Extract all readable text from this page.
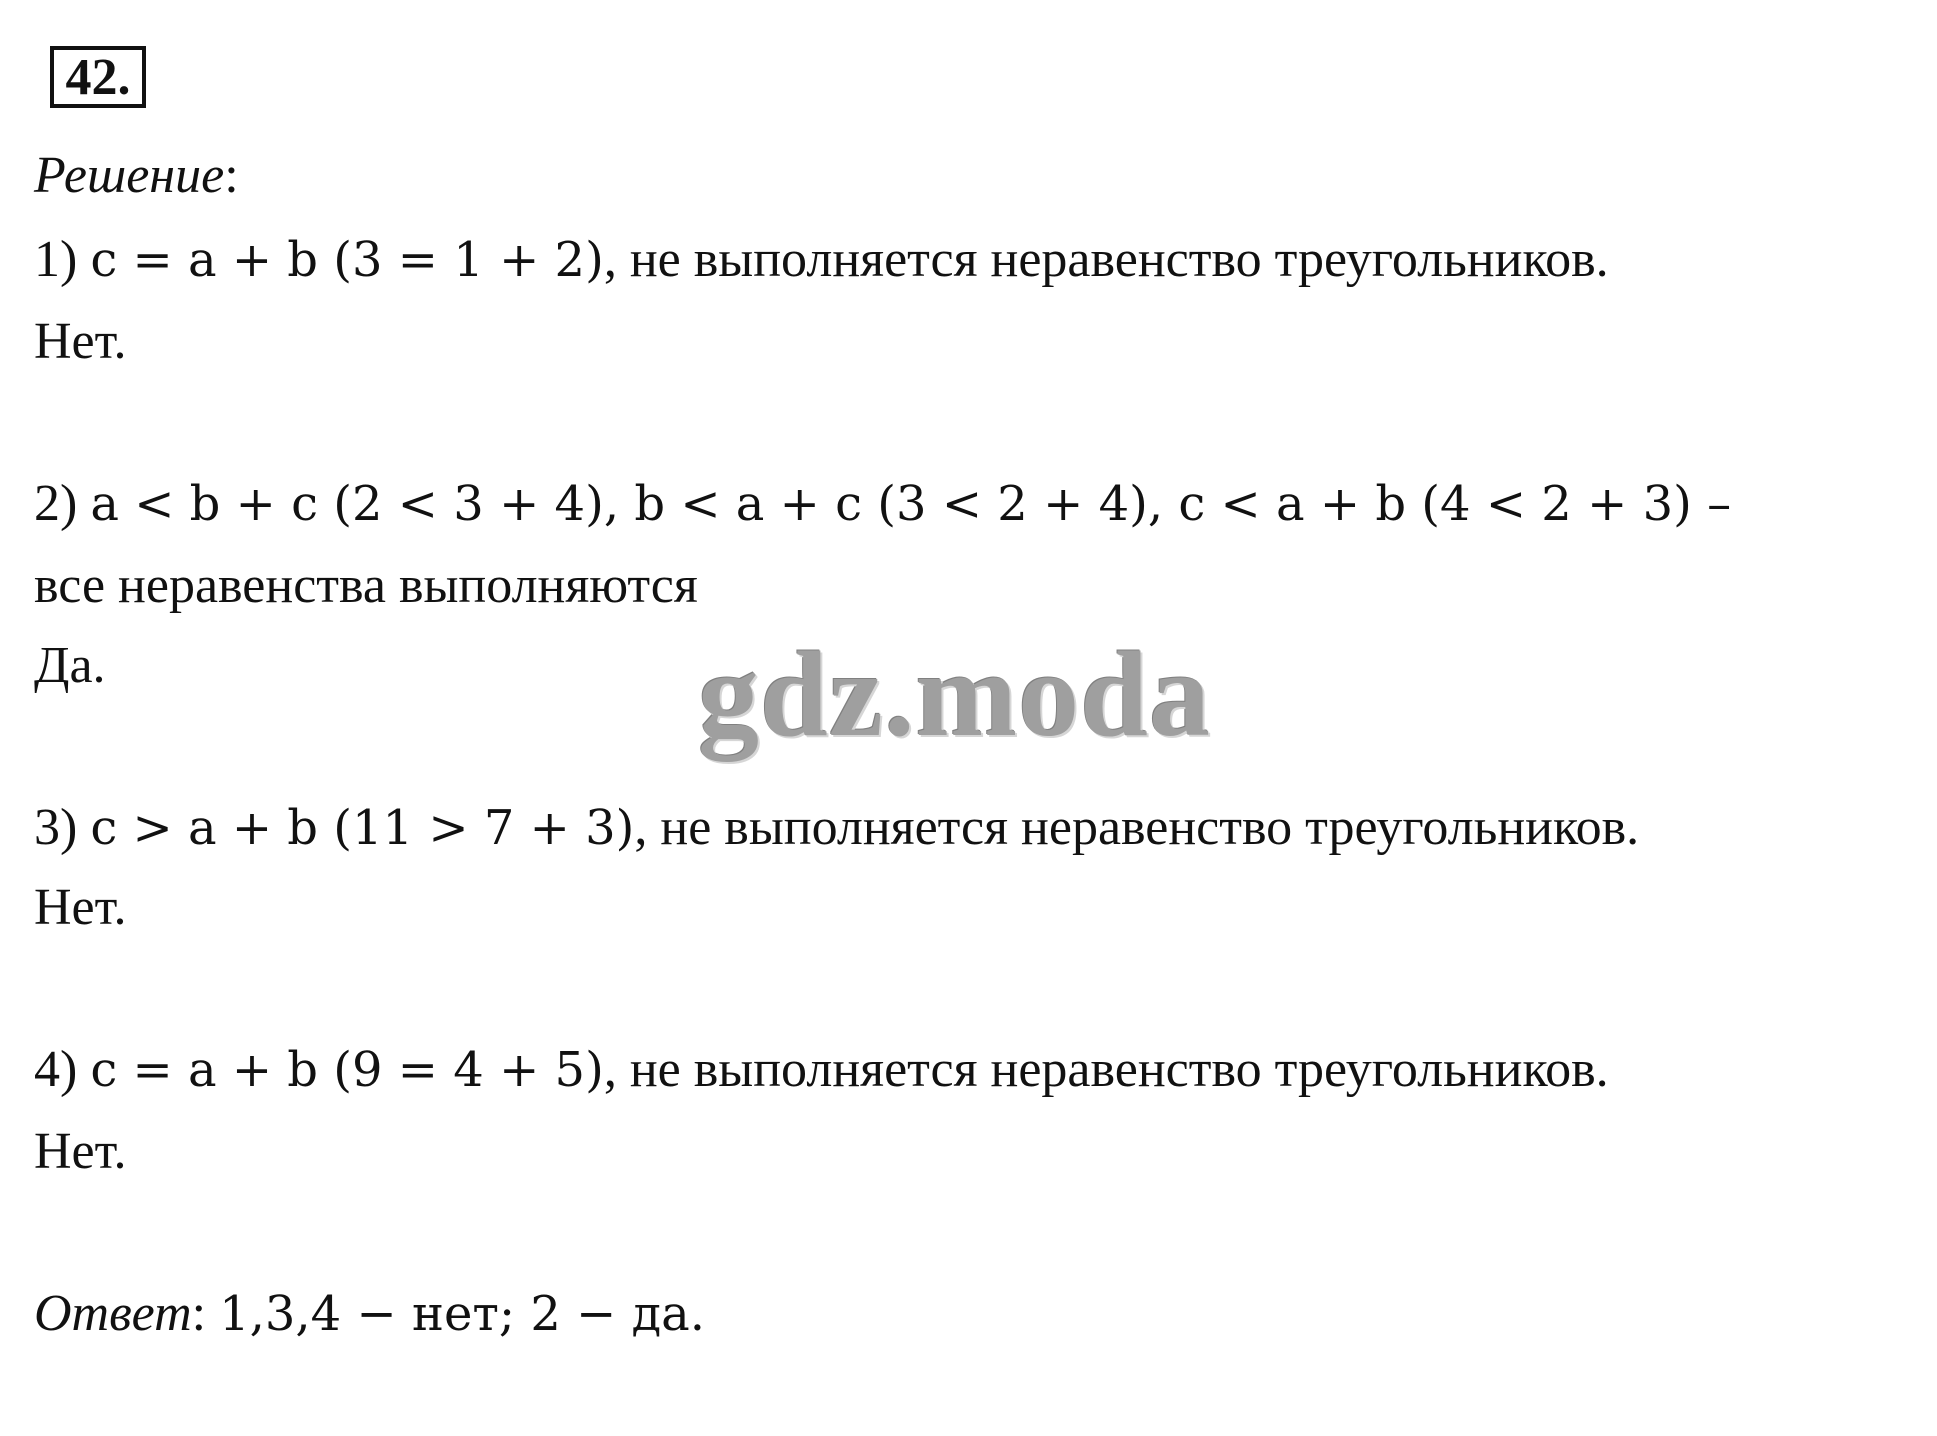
42.
Решение:
1) c = a + b (3 = 1 + 2), не выполняется неравенство треугольников.
Нет.
2) a < b + c (2 < 3 + 4), b < a + c (3 < 2 + 4), c < a + b (4 < 2 + 3) –
все неравенства выполняются
Да.	gdz.moda
3) c > a + b (11 > 7 + 3), не выполняется неравенство треугольников.
Нет.
4) c = a + b (9 = 4 + 5), не выполняется неравенство треугольников.
Нет.
Ответ: 1,3,4 − нет; 2 − да.
